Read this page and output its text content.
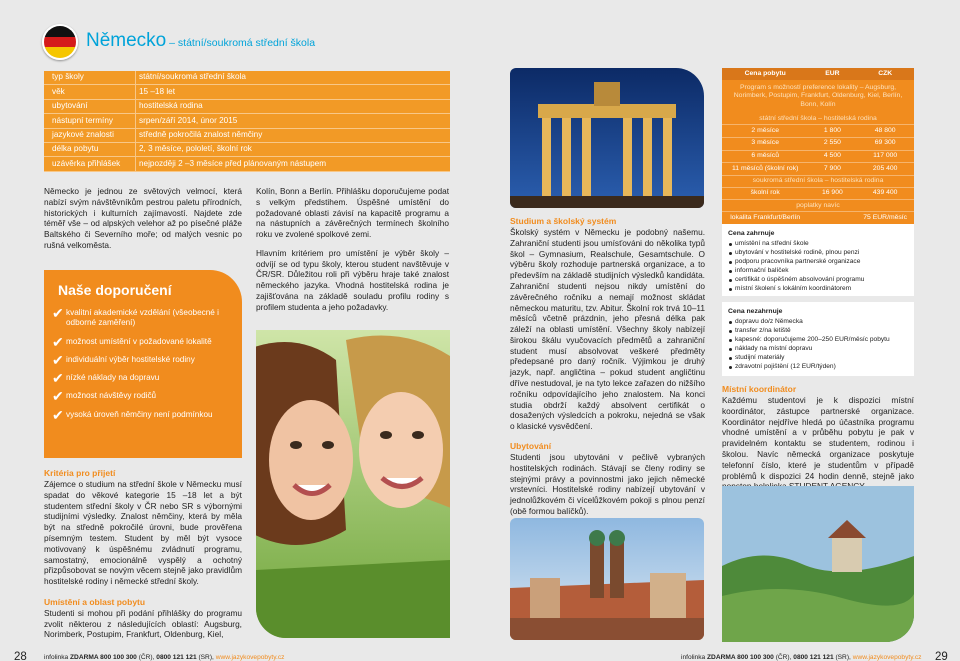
Německo – státní/soukromá střední škola
typ školy	státní/soukromá střední škola
věk	15 –18 let
ubytování	hostitelská rodina
nástupní termíny	srpen/září 2014, únor 2015
jazykové znalosti	středně pokročilá znalost němčiny
délka pobytu	2, 3 měsíce, pololetí, školní rok
uzávěrka přihlášek	nejpozději 2 –3 měsíce před plánovaným nástupem
Německo je jednou ze světových velmocí, která nabízí svým návštěvníkům pestrou paletu přírodních, historických i kulturních zajímavostí. Najdete zde téměř vše – od alpských velehor až po písečné pláže Baltského či Severního moře; od malých vesnic po rušná velkoměsta.
Naše doporučení
✔ kvalitní akademické vzdělání (všeobecné i odborné zaměření)
✔ možnost umístění v požadované lokalitě
✔ individuální výběr hostitelské rodiny
✔ nízké náklady na dopravu
✔ možnost návštěvy rodičů
✔ vysoká úroveň němčiny není podmínkou
Kritéria pro přijetí
Zájemce o studium na střední škole v Německu musí spadat do věkové kategorie 15 –18 let a být studentem střední školy v ČR nebo SR s výbornými studijními výsledky. Znalost němčiny, která by měla být na středně pokročilé úrovni, bude prověřena písemným testem. Student by měl být vysoce motivovaný k úspěšnému zvládnutí programu, samostatný, emocionálně vyspělý a ochotný přizpůsobovat se novým věcem stejně jako pravidlům hostitelské rodiny i německé střední školy.
Umístění a oblast pobytu
Studenti si mohou při podání přihlášky do programu zvolit některou z následujících oblastí: Augsburg, Norimberk, Postupim, Frankfurt, Oldenburg, Kiel,
Kolín, Bonn a Berlín. Přihlášku doporučujeme podat s velkým předstihem. Úspěšné umístění do požadované oblasti závisí na kapacitě programu a na nástupních a závěrečných termínech školního roku ve zvolené spolkové zemi.
Hlavním kritériem pro umístění je výběr školy – odvíjí se od typu školy, kterou student navštěvuje v ČR/SR. Důležitou roli při výběru hraje také znalost německého jazyka. Vhodná hostitelská rodina je zajišťována na základě souladu profilu rodiny s profilem studenta a jeho požadavky.
Studium a školský systém
Školský systém v Německu je podobný našemu. Zahraniční studenti jsou umísťováni do několika typů škol – Gymnasium, Realschule, Gesamtschule. O výběru školy rozhoduje partnerská organizace, a to především na základě studijních výsledků kandidáta. Zahraniční studenti nejsou nikdy umístění do závěrečného ročníku a nemají možnost skládat německou maturitu, tzv. Abitur. Školní rok trvá 10–11 měsíců včetně prázdnin, jeho přesná délka pak záleží na oblasti umístění. Všechny školy nabízejí širokou škálu vyučovacích předmětů a zahraniční student musí absolvovat veškeré předměty předepsané pro daný ročník. Výjimkou je druhý jazyk, např. angličtina – pokud student angličtinu dříve nestudoval, je na tyto lekce zařazen do nižšího ročníku odpovídajícího jeho znalostem. Na konci studia obdrží každý absolvent certifikát o dosažených výsledcích a pokroku, nejedná se však o klasické vysvědčení.
Ubytování
Studenti jsou ubytováni v pečlivě vybraných hostitelských rodinách. Stávají se členy rodiny se stejnými právy a povinnostmi jako jejich německé vrstevníci. Hostitelské rodiny nabízejí ubytování v jednolůžkovém či vícelůžkovém pokoji s plnou penzí (obě formou balíčků).
Cena pobytu	EUR	CZK
Program s možností preference lokality – Augsburg, Norimberk, Postupim, Frankfurt, Oldenburg, Kiel, Berlín, Bonn, Kolín
státní střední škola – hostitelská rodina
2 měsíce	1 800	48 800
3 měsíce	2 550	69 300
6 měsíců	4 500	117 000
11 měsíců (školní rok)	7 900	205 400
soukromá střední škola – hostitelská rodina
školní rok	16 900	439 400
poplatky navíc
lokalita Frankfurt/Berlín	75 EUR/měsíc
Cena zahrnuje
umístění na střední škole
ubytování v hostitelské rodině, plnou penzi
podporu pracovníka partnerské organizace
informační balíček
certifikát o úspěšném absolvování programu
místní školení s lokálním koordinátorem
Cena nezahrnuje
dopravu do/z Německa
transfer z/na letiště
kapesné: doporučujeme 200–250 EUR/měsíc pobytu
náklady na místní dopravu
studijní materiály
zdravotní pojištění (12 EUR/týden)
Místní koordinátor
Každému studentovi je k dispozici místní koordinátor, zástupce partnerské organizace. Koordinátor nejdříve hledá po účastníka programu vhodné umístění a v průběhu pobytu je pak v pravidelném kontaktu se studentem, rodinou i školou. Navíc německá organizace poskytuje telefonní číslo, které je studentům v případě problémů k dispozici 24 hodin denně, stejně jako
28	infolinka ZDARMA 800 100 300 (ČR), 0800 121 121 (SR), www.jazykovepobyty.cz	infolinka ZDARMA 800 100 300 (ČR), 0800 121 121 (SR), www.jazykovepobyty.cz 29
